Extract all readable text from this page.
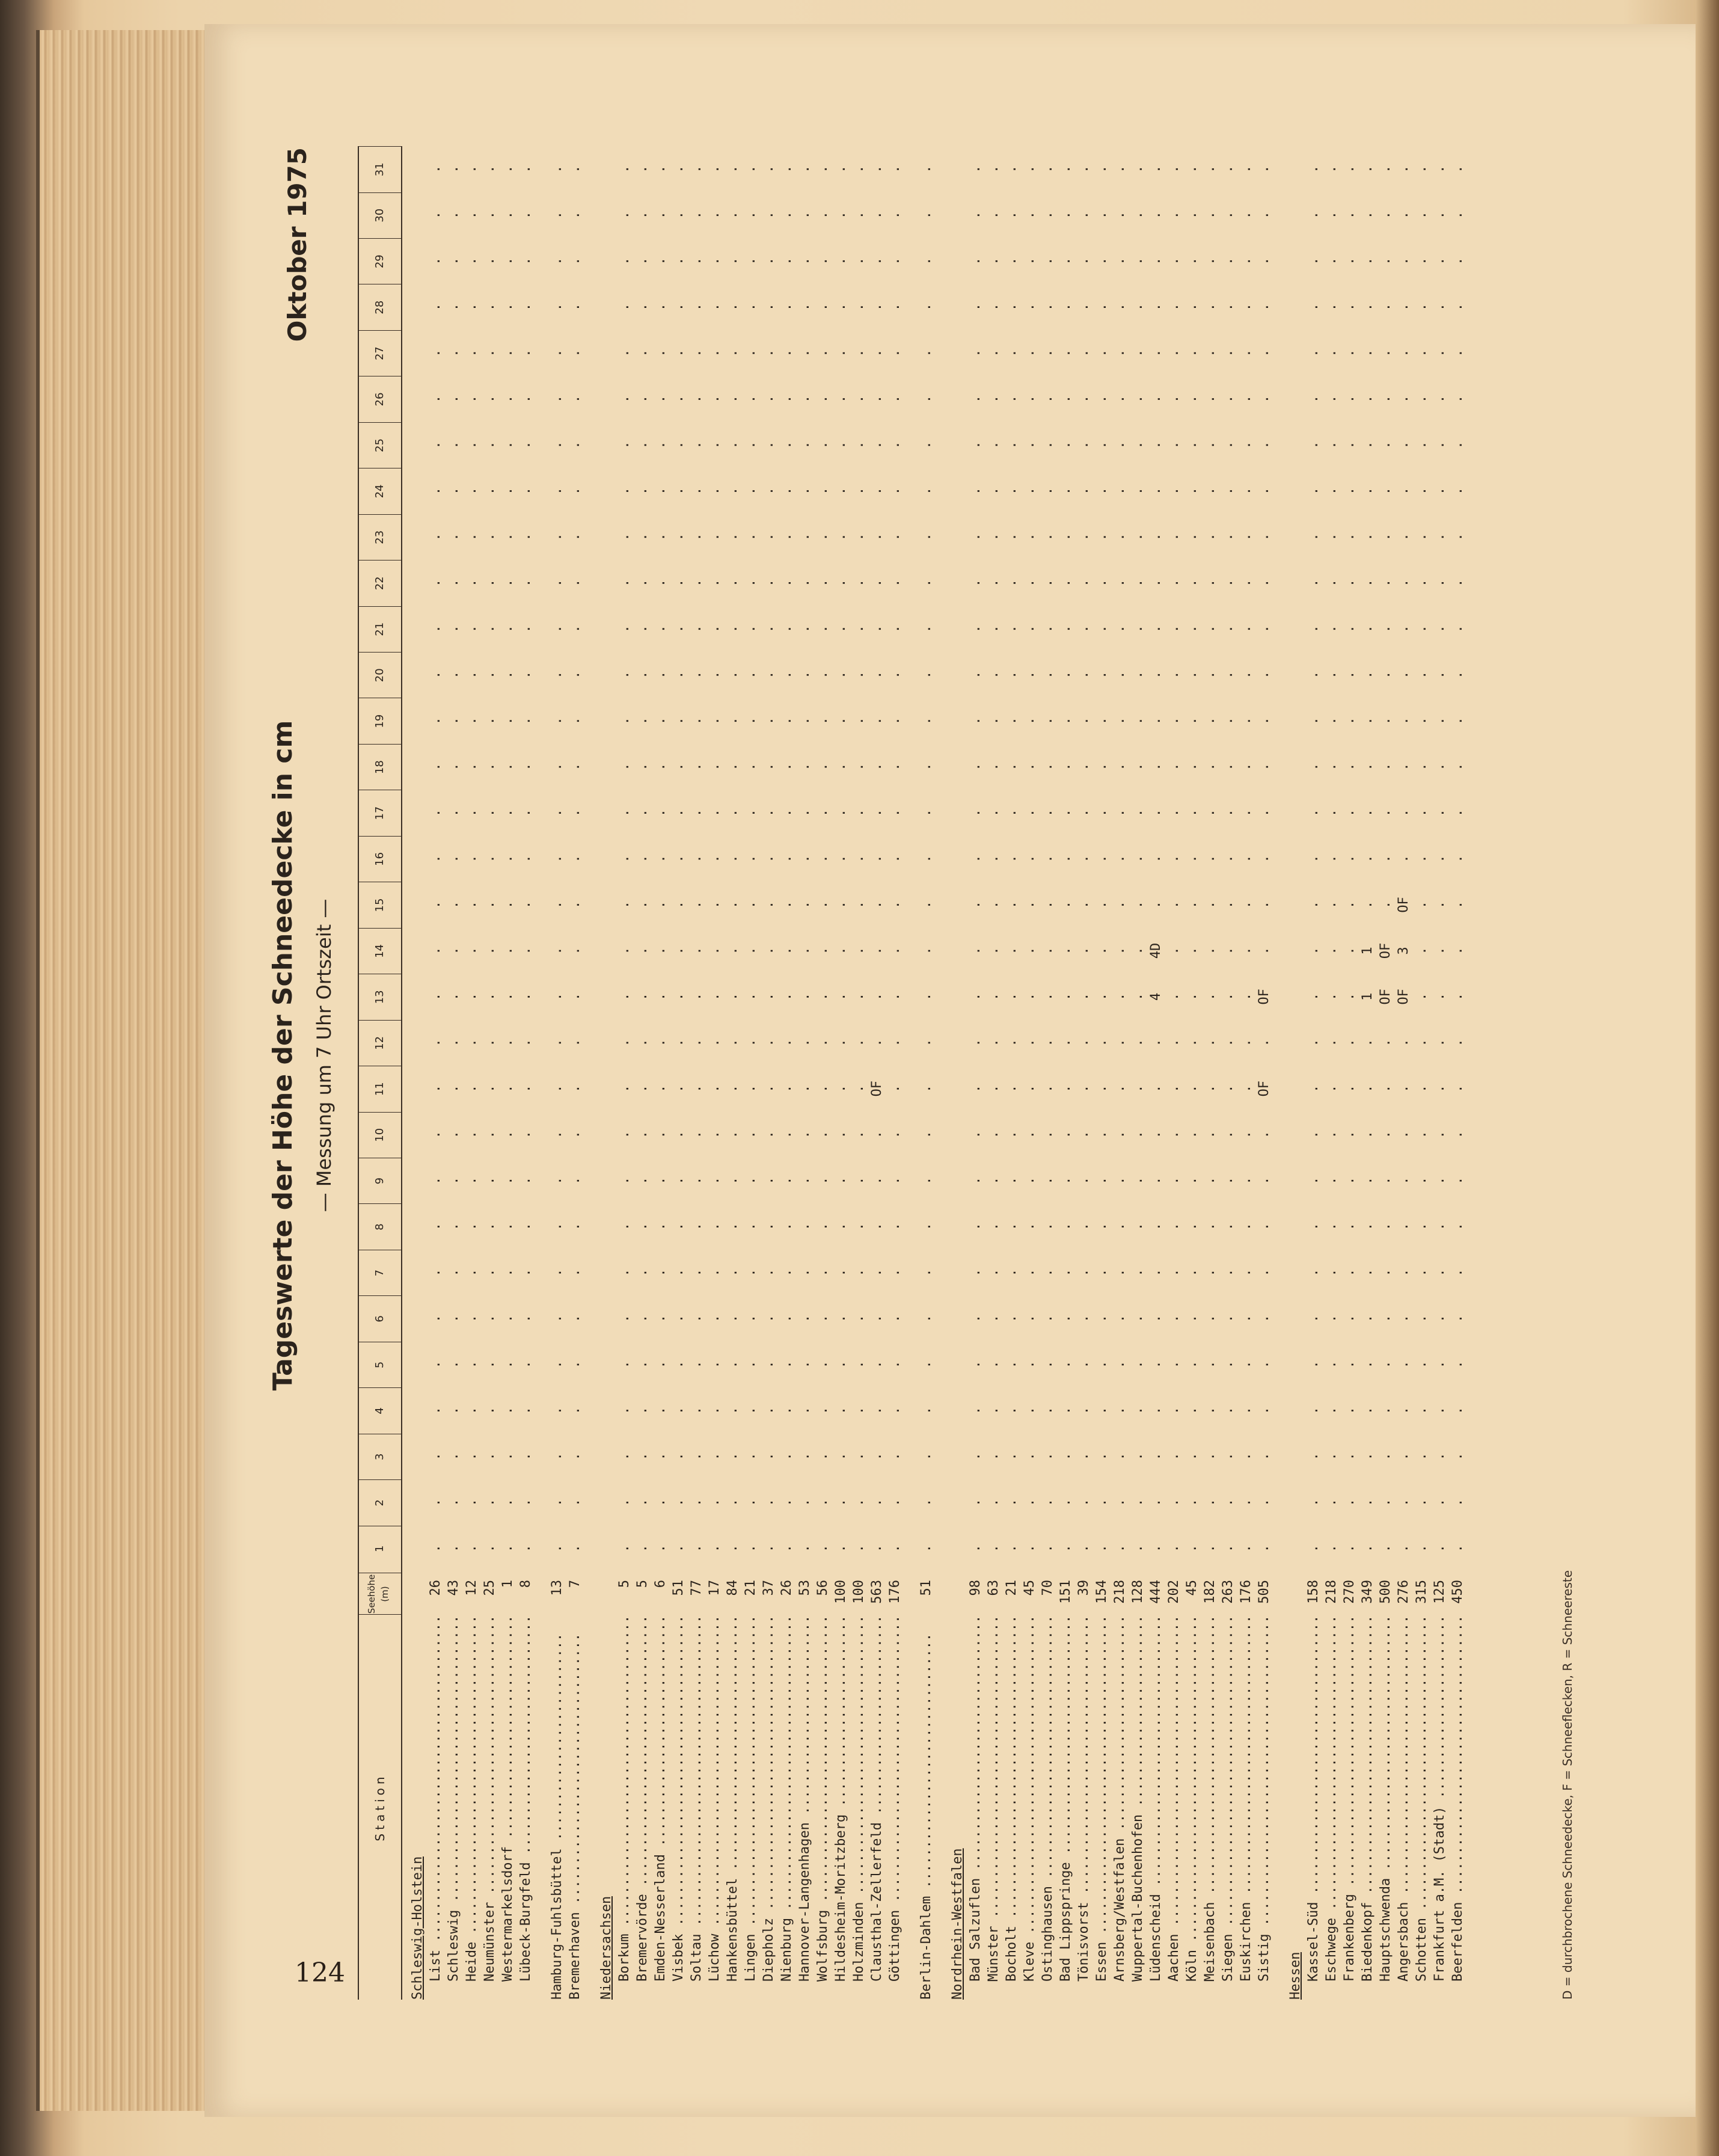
124
Tageswerte der Höhe der Schneedecke in cm
Oktober 1975
— Messung um 7 Uhr Ortszeit —
Station
Seehöhe (m)
1
2
3
4
5
6
7
8
9
10
11
12
13
14
15
16
17
18
19
20
21
22
23
24
25
26
27
28
29
30
31
Schleswig-Holstein List .....
26
.
.
.
.
.
.
.
.
.
.
.
.
.
.
.
.
.
.
.
.
.
.
.
.
.
.
.
.
.
.
.
Schleswig .....
43
.
.
.
.
.
.
.
.
.
.
.
.
.
.
.
.
.
.
.
.
.
.
.
.
.
.
.
.
.
.
.
Heide .....
12
.
.
.
.
.
.
.
.
.
.
.
.
.
.
.
.
.
.
.
.
.
.
.
.
.
.
.
.
.
.
.
Neumünster .....
25
.
.
.
.
.
.
.
.
.
.
.
.
.
.
.
.
.
.
.
.
.
.
.
.
.
.
.
.
.
.
.
Westermarkelsdorf .....
1
.
.
.
.
.
.
.
.
.
.
.
.
.
.
.
.
.
.
.
.
.
.
.
.
.
.
.
.
.
.
.
Lübeck-Burgfeld .....
8
.
.
.
.
.
.
.
.
.
.
.
.
.
.
.
.
.
.
.
.
.
.
.
.
.
.
.
.
.
.
.
Hamburg-Fuhlsbüttel .....
13
.
.
.
.
.
.
.
.
.
.
.
.
.
.
.
.
.
.
.
.
.
.
.
.
.
.
.
.
.
.
.
Bremerhaven .....
7
.
.
.
.
.
.
.
.
.
.
.
.
.
.
.
.
.
.
.
.
.
.
.
.
.
.
.
.
.
.
.
Niedersachsen Borkum .....
5
.
.
.
.
.
.
.
.
.
.
.
.
.
.
.
.
.
.
.
.
.
.
.
.
.
.
.
.
.
.
.
Bremervörde .....
5
.
.
.
.
.
.
.
.
.
.
.
.
.
.
.
.
.
.
.
.
.
.
.
.
.
.
.
.
.
.
.
Emden-Nesserland .....
6
.
.
.
.
.
.
.
.
.
.
.
.
.
.
.
.
.
.
.
.
.
.
.
.
.
.
.
.
.
.
.
Visbek .....
51
.
.
.
.
.
.
.
.
.
.
.
.
.
.
.
.
.
.
.
.
.
.
.
.
.
.
.
.
.
.
.
Soltau .....
77
.
.
.
.
.
.
.
.
.
.
.
.
.
.
.
.
.
.
.
.
.
.
.
.
.
.
.
.
.
.
.
Lüchow .....
17
.
.
.
.
.
.
.
.
.
.
.
.
.
.
.
.
.
.
.
.
.
.
.
.
.
.
.
.
.
.
.
Hankensbüttel .....
84
.
.
.
.
.
.
.
.
.
.
.
.
.
.
.
.
.
.
.
.
.
.
.
.
.
.
.
.
.
.
.
Lingen .....
21
.
.
.
.
.
.
.
.
.
.
.
.
.
.
.
.
.
.
.
.
.
.
.
.
.
.
.
.
.
.
.
Diepholz .....
37
.
.
.
.
.
.
.
.
.
.
.
.
.
.
.
.
.
.
.
.
.
.
.
.
.
.
.
.
.
.
.
Nienburg .....
26
.
.
.
.
.
.
.
.
.
.
.
.
.
.
.
.
.
.
.
.
.
.
.
.
.
.
.
.
.
.
.
Hannover-Langenhagen .....
53
.
.
.
.
.
.
.
.
.
.
.
.
.
.
.
.
.
.
.
.
.
.
.
.
.
.
.
.
.
.
.
Wolfsburg .....
56
.
.
.
.
.
.
.
.
.
.
.
.
.
.
.
.
.
.
.
.
.
.
.
.
.
.
.
.
.
.
.
Hildesheim-Moritzberg .....
100
.
.
.
.
.
.
.
.
.
.
.
.
.
.
.
.
.
.
.
.
.
.
.
.
.
.
.
.
.
.
.
Holzminden .....
100
.
.
.
.
.
.
.
.
.
.
.
.
.
.
.
.
.
.
.
.
.
.
.
.
.
.
.
.
.
.
.
Clausthal-Zellerfeld .....
563
.
.
.
.
.
.
.
.
.
.
OF
.
.
.
.
.
.
.
.
.
.
.
.
.
.
.
.
.
.
.
.
Göttingen .....
176
.
.
.
.
.
.
.
.
.
.
.
.
.
.
.
.
.
.
.
.
.
.
.
.
.
.
.
.
.
.
.
Berlin-Dahlem .....
51
.
.
.
.
.
.
.
.
.
.
.
.
.
.
.
.
.
.
.
.
.
.
.
.
.
.
.
.
.
.
.
Nordrhein-Westfalen Bad Salzuflen .....
98
.
.
.
.
.
.
.
.
.
.
.
.
.
.
.
.
.
.
.
.
.
.
.
.
.
.
.
.
.
.
.
Münster .....
63
.
.
.
.
.
.
.
.
.
.
.
.
.
.
.
.
.
.
.
.
.
.
.
.
.
.
.
.
.
.
.
Bocholt .....
21
.
.
.
.
.
.
.
.
.
.
.
.
.
.
.
.
.
.
.
.
.
.
.
.
.
.
.
.
.
.
.
Kleve .....
45
.
.
.
.
.
.
.
.
.
.
.
.
.
.
.
.
.
.
.
.
.
.
.
.
.
.
.
.
.
.
.
Ostinghausen .....
70
.
.
.
.
.
.
.
.
.
.
.
.
.
.
.
.
.
.
.
.
.
.
.
.
.
.
.
.
.
.
.
Bad Lippspringe .....
151
.
.
.
.
.
.
.
.
.
.
.
.
.
.
.
.
.
.
.
.
.
.
.
.
.
.
.
.
.
.
.
Tönisvorst .....
39
.
.
.
.
.
.
.
.
.
.
.
.
.
.
.
.
.
.
.
.
.
.
.
.
.
.
.
.
.
.
.
Essen .....
154
.
.
.
.
.
.
.
.
.
.
.
.
.
.
.
.
.
.
.
.
.
.
.
.
.
.
.
.
.
.
.
Arnsberg/Westfalen .....
218
.
.
.
.
.
.
.
.
.
.
.
.
.
.
.
.
.
.
.
.
.
.
.
.
.
.
.
.
.
.
.
Wuppertal-Buchenhofen .....
128
.
.
.
.
.
.
.
.
.
.
.
.
.
.
.
.
.
.
.
.
.
.
.
.
.
.
.
.
.
.
.
Lüdenscheid .....
444
.
.
.
.
.
.
.
.
.
.
.
.
4
4D
.
.
.
.
.
.
.
.
.
.
.
.
.
.
.
.
.
Aachen .....
202
.
.
.
.
.
.
.
.
.
.
.
.
.
.
.
.
.
.
.
.
.
.
.
.
.
.
.
.
.
.
.
Köln .....
45
.
.
.
.
.
.
.
.
.
.
.
.
.
.
.
.
.
.
.
.
.
.
.
.
.
.
.
.
.
.
.
Meisenbach .....
182
.
.
.
.
.
.
.
.
.
.
.
.
.
.
.
.
.
.
.
.
.
.
.
.
.
.
.
.
.
.
.
Siegen .....
263
.
.
.
.
.
.
.
.
.
.
.
.
.
.
.
.
.
.
.
.
.
.
.
.
.
.
.
.
.
.
.
Euskirchen .....
176
.
.
.
.
.
.
.
.
.
.
.
.
.
.
.
.
.
.
.
.
.
.
.
.
.
.
.
.
.
.
.
Sistig .....
505
.
.
.
.
.
.
.
.
.
.
OF
.
OF
.
.
.
.
.
.
.
.
.
.
.
.
.
.
.
.
.
.
Hessen Kassel-Süd .....
158
.
.
.
.
.
.
.
.
.
.
.
.
.
.
.
.
.
.
.
.
.
.
.
.
.
.
.
.
.
.
.
Eschwege .....
218
.
.
.
.
.
.
.
.
.
.
.
.
.
.
.
.
.
.
.
.
.
.
.
.
.
.
.
.
.
.
.
Frankenberg .....
270
.
.
.
.
.
.
.
.
.
.
.
.
.
.
.
.
.
.
.
.
.
.
.
.
.
.
.
.
.
.
.
Biedenkopf .....
349
.
.
.
.
.
.
.
.
.
.
.
.
1
1
.
.
.
.
.
.
.
.
.
.
.
.
.
.
.
.
.
Hauptschwenda .....
500
.
.
.
.
.
.
.
.
.
.
.
.
OF
OF
.
.
.
.
.
.
.
.
.
.
.
.
.
.
.
.
.
Angersbach .....
276
.
.
.
.
.
.
.
.
.
.
.
.
OF
3
OF
.
.
.
.
.
.
.
.
.
.
.
.
.
.
.
.
Schotten .....
315
.
.
.
.
.
.
.
.
.
.
.
.
.
.
.
.
.
.
.
.
.
.
.
.
.
.
.
.
.
.
.
Frankfurt a.M. (Stadt) .....
125
.
.
.
.
.
.
.
.
.
.
.
.
.
.
.
.
.
.
.
.
.
.
.
.
.
.
.
.
.
.
.
Beerfelden .....
450
.
.
.
.
.
.
.
.
.
.
.
.
.
.
.
.
.
.
.
.
.
.
.
.
.
.
.
.
.
.
.
D = durchbrochene Schneedecke, F = Schneeflecken, R = Schneereste
